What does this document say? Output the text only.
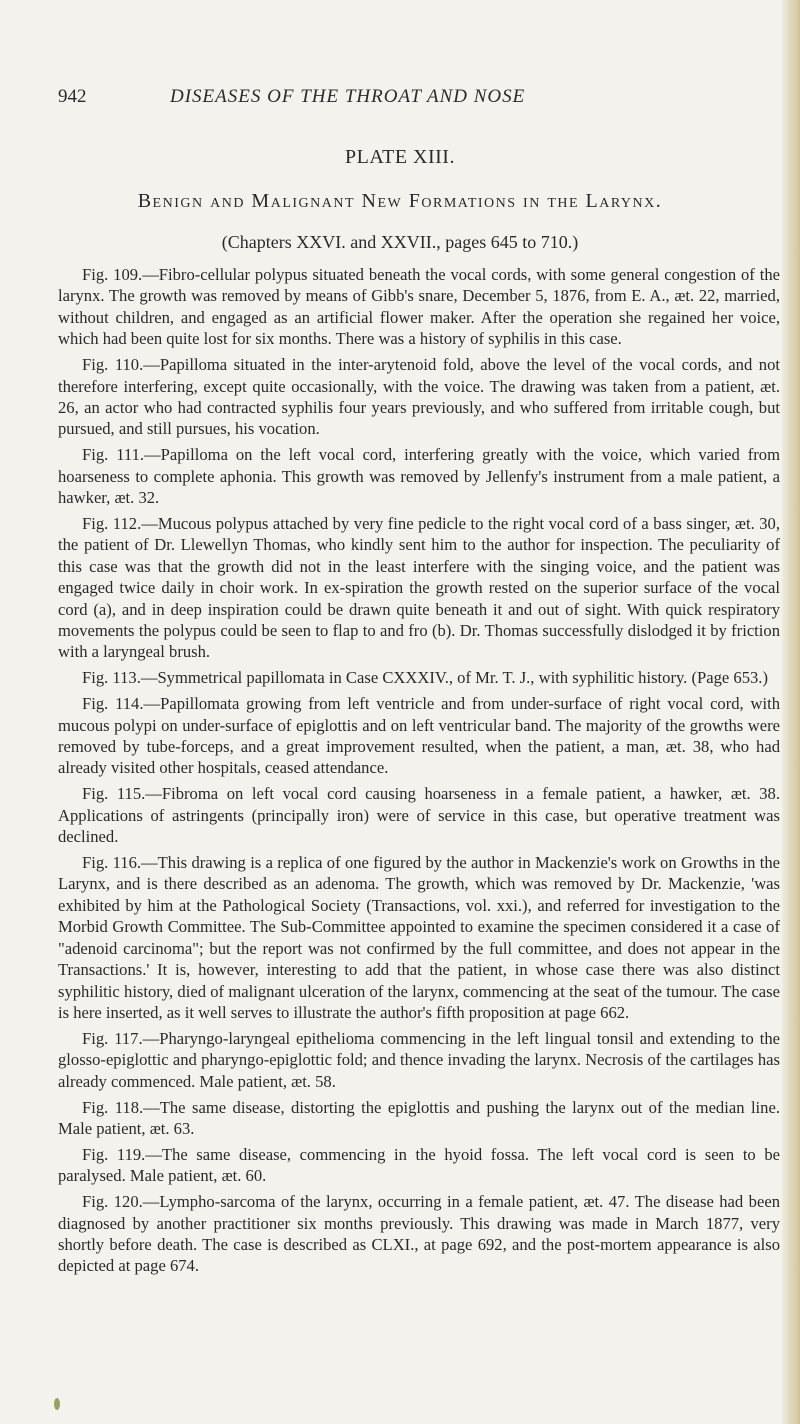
942	DISEASES OF THE THROAT AND NOSE
PLATE XIII.
Benign and Malignant New Formations in the Larynx.
(Chapters XXVI. and XXVII., pages 645 to 710.)

Fig. 109.—Fibro-cellular polypus situated beneath the vocal cords, with some general congestion of the larynx. The growth was removed by means of Gibb's snare, December 5, 1876, from E. A., æt. 22, married, without children, and engaged as an artificial flower maker. After the operation she regained her voice, which had been quite lost for six months. There was a history of syphilis in this case.

Fig. 110.—Papilloma situated in the inter-arytenoid fold, above the level of the vocal cords, and not therefore interfering, except quite occasionally, with the voice. The drawing was taken from a patient, æt. 26, an actor who had contracted syphilis four years previously, and who suffered from irritable cough, but pursued, and still pursues, his vocation.

Fig. 111.—Papilloma on the left vocal cord, interfering greatly with the voice, which varied from hoarseness to complete aphonia. This growth was removed by Jellenfy's instrument from a male patient, a hawker, æt. 32.

Fig. 112.—Mucous polypus attached by very fine pedicle to the right vocal cord of a bass singer, æt. 30, the patient of Dr. Llewellyn Thomas, who kindly sent him to the author for inspection. The peculiarity of this case was that the growth did not in the least interfere with the singing voice, and the patient was engaged twice daily in choir work. In ex-spiration the growth rested on the superior surface of the vocal cord (a), and in deep inspiration could be drawn quite beneath it and out of sight. With quick respiratory movements the polypus could be seen to flap to and fro (b). Dr. Thomas successfully dislodged it by friction with a laryngeal brush.

Fig. 113.—Symmetrical papillomata in Case CXXXIV., of Mr. T. J., with syphilitic history. (Page 653.)

Fig. 114.—Papillomata growing from left ventricle and from under-surface of right vocal cord, with mucous polypi on under-surface of epiglottis and on left ventricular band. The majority of the growths were removed by tube-forceps, and a great improvement resulted, when the patient, a man, æt. 38, who had already visited other hospitals, ceased attendance.

Fig. 115.—Fibroma on left vocal cord causing hoarseness in a female patient, a hawker, æt. 38. Applications of astringents (principally iron) were of service in this case, but operative treatment was declined.

Fig. 116.—This drawing is a replica of one figured by the author in Mackenzie's work on Growths in the Larynx, and is there described as an adenoma. The growth, which was removed by Dr. Mackenzie, 'was exhibited by him at the Pathological Society (Transactions, vol. xxi.), and referred for investigation to the Morbid Growth Committee. The Sub-Committee appointed to examine the specimen considered it a case of "adenoid carcinoma"; but the report was not confirmed by the full committee, and does not appear in the Transactions.' It is, however, interesting to add that the patient, in whose case there was also distinct syphilitic history, died of malignant ulceration of the larynx, commencing at the seat of the tumour. The case is here inserted, as it well serves to illustrate the author's fifth proposition at page 662.

Fig. 117.—Pharyngo-laryngeal epithelioma commencing in the left lingual tonsil and extending to the glosso-epiglottic and pharyngo-epiglottic fold; and thence invading the larynx. Necrosis of the cartilages has already commenced. Male patient, æt. 58.

Fig. 118.—The same disease, distorting the epiglottis and pushing the larynx out of the median line. Male patient, æt. 63.

Fig. 119.—The same disease, commencing in the hyoid fossa. The left vocal cord is seen to be paralysed. Male patient, æt. 60.

Fig. 120.—Lympho-sarcoma of the larynx, occurring in a female patient, æt. 47. The disease had been diagnosed by another practitioner six months previously. This drawing was made in March 1877, very shortly before death. The case is described as CLXI., at page 692, and the post-mortem appearance is also depicted at page 674.
